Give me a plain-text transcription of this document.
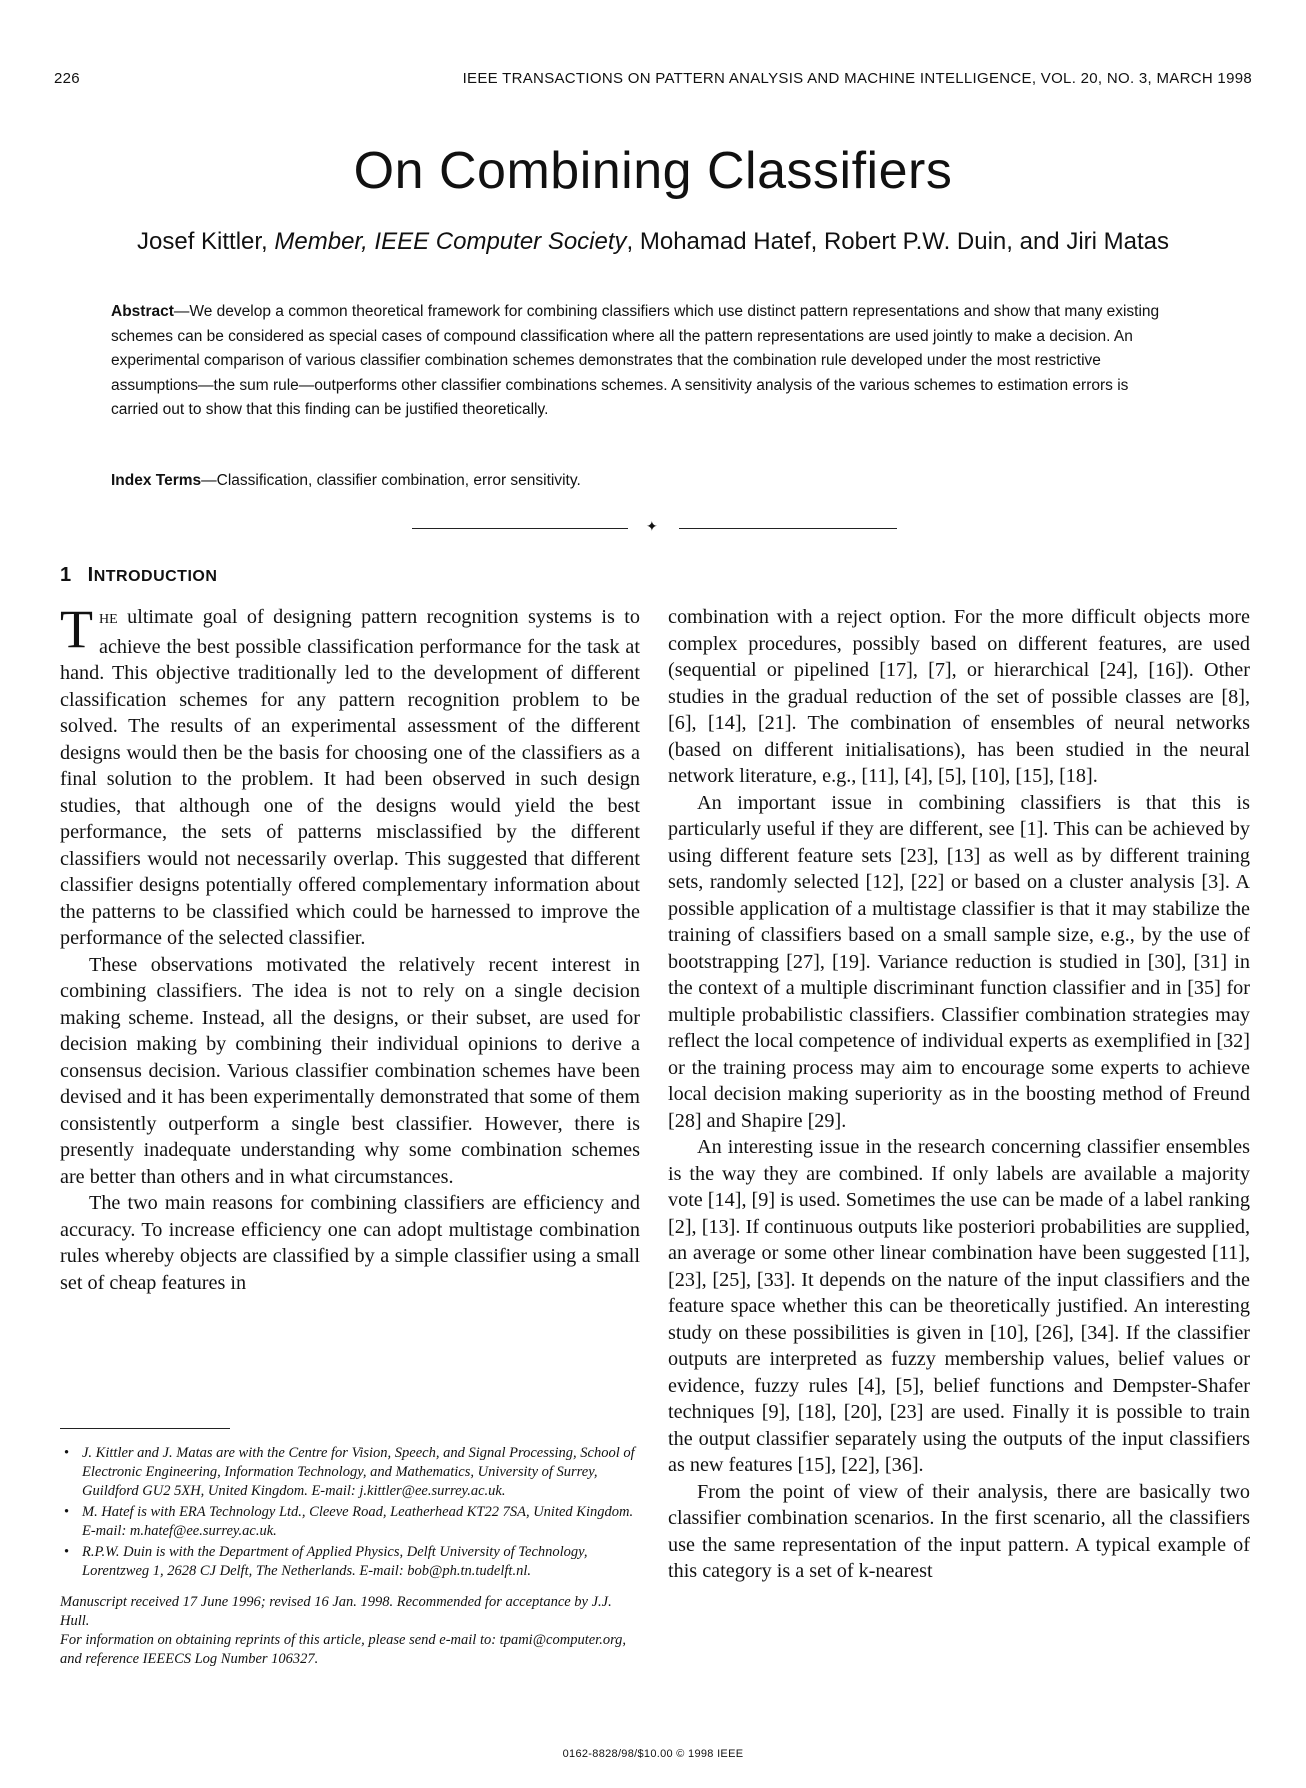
226	IEEE TRANSACTIONS ON PATTERN ANALYSIS AND MACHINE INTELLIGENCE, VOL. 20, NO. 3, MARCH 1998
On Combining Classifiers
Josef Kittler, Member, IEEE Computer Society, Mohamad Hatef, Robert P.W. Duin, and Jiri Matas

Abstract—We develop a common theoretical framework for combining classifiers which use distinct pattern representations and show that many existing schemes can be considered as special cases of compound classification where all the pattern representations are used jointly to make a decision. An experimental comparison of various classifier combination schemes demonstrates that the combination rule developed under the most restrictive assumptions—the sum rule—outperforms other classifier combinations schemes. A sensitivity analysis of the various schemes to estimation errors is carried out to show that this finding can be justified theoretically.

Index Terms—Classification, classifier combination, error sensitivity.

✦
1 INTRODUCTION

THE ultimate goal of designing pattern recognition systems is to achieve the best possible classification performance for the task at hand. This objective traditionally led to the development of different classification schemes for any pattern recognition problem to be solved. The results of an experimental assessment of the different designs would then be the basis for choosing one of the classifiers as a final solution to the problem. It had been observed in such design studies, that although one of the designs would yield the best performance, the sets of patterns misclassified by the different classifiers would not necessarily overlap. This suggested that different classifier designs potentially offered complementary information about the patterns to be classified which could be harnessed to improve the performance of the selected classifier.

These observations motivated the relatively recent interest in combining classifiers. The idea is not to rely on a single decision making scheme. Instead, all the designs, or their subset, are used for decision making by combining their individual opinions to derive a consensus decision. Various classifier combination schemes have been devised and it has been experimentally demonstrated that some of them consistently outperform a single best classifier. However, there is presently inadequate understanding why some combination schemes are better than others and in what circumstances.

The two main reasons for combining classifiers are efficiency and accuracy. To increase efficiency one can adopt multistage combination rules whereby objects are classified by a simple classifier using a small set of cheap features in

combination with a reject option. For the more difficult objects more complex procedures, possibly based on different features, are used (sequential or pipelined [17], [7], or hierarchical [24], [16]). Other studies in the gradual reduction of the set of possible classes are [8], [6], [14], [21]. The combination of ensembles of neural networks (based on different initialisations), has been studied in the neural network literature, e.g., [11], [4], [5], [10], [15], [18].

An important issue in combining classifiers is that this is particularly useful if they are different, see [1]. This can be achieved by using different feature sets [23], [13] as well as by different training sets, randomly selected [12], [22] or based on a cluster analysis [3]. A possible application of a multistage classifier is that it may stabilize the training of classifiers based on a small sample size, e.g., by the use of bootstrapping [27], [19]. Variance reduction is studied in [30], [31] in the context of a multiple discriminant function classifier and in [35] for multiple probabilistic classifiers. Classifier combination strategies may reflect the local competence of individual experts as exemplified in [32] or the training process may aim to encourage some experts to achieve local decision making superiority as in the boosting method of Freund [28] and Shapire [29].

An interesting issue in the research concerning classifier ensembles is the way they are combined. If only labels are available a majority vote [14], [9] is used. Sometimes the use can be made of a label ranking [2], [13]. If continuous outputs like posteriori probabilities are supplied, an average or some other linear combination have been suggested [11], [23], [25], [33]. It depends on the nature of the input classifiers and the feature space whether this can be theoretically justified. An interesting study on these possibilities is given in [10], [26], [34]. If the classifier outputs are interpreted as fuzzy membership values, belief values or evidence, fuzzy rules [4], [5], belief functions and Dempster-Shafer techniques [9], [18], [20], [23] are used. Finally it is possible to train the output classifier separately using the outputs of the input classifiers as new features [15], [22], [36].

From the point of view of their analysis, there are basically two classifier combination scenarios. In the first scenario, all the classifiers use the same representation of the input pattern. A typical example of this category is a set of k-nearest

• J. Kittler and J. Matas are with the Centre for Vision, Speech, and Signal Processing, School of Electronic Engineering, Information Technology, and Mathematics, University of Surrey, Guildford GU2 5XH, United Kingdom. E-mail: j.kittler@ee.surrey.ac.uk.
• M. Hatef is with ERA Technology Ltd., Cleeve Road, Leatherhead KT22 7SA, United Kingdom. E-mail: m.hatef@ee.surrey.ac.uk.
• R.P.W. Duin is with the Department of Applied Physics, Delft University of Technology, Lorentzweg 1, 2628 CJ Delft, The Netherlands. E-mail: bob@ph.tn.tudelft.nl.
Manuscript received 17 June 1996; revised 16 Jan. 1998. Recommended for acceptance by J.J. Hull.
For information on obtaining reprints of this article, please send e-mail to: tpami@computer.org, and reference IEEECS Log Number 106327.
0162-8828/98/$10.00 © 1998 IEEE
